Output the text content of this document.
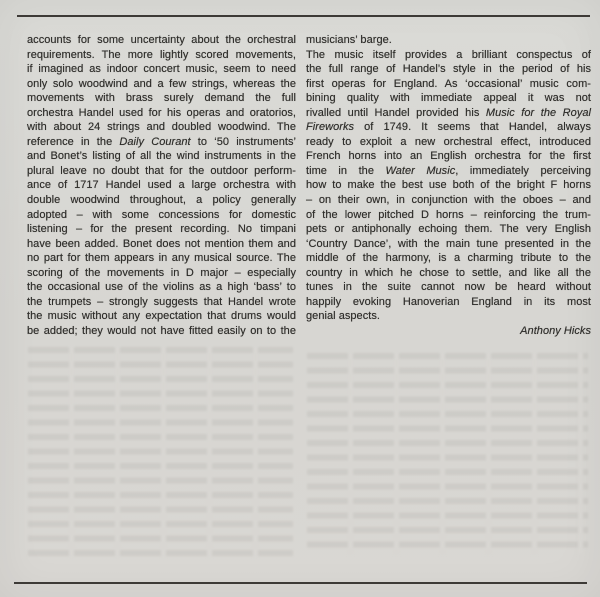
accounts for some uncertainty about the orchestral
requirements. The more lightly scored movements,
if imagined as indoor concert music, seem to need
only solo woodwind and a few strings, whereas the
movements with brass surely demand the full
orchestra Handel used for his operas and oratorios,
with about 24 strings and doubled woodwind. The
reference in the Daily Courant to ‘50 instruments’
and Bonet’s listing of all the wind instruments in the
plural leave no doubt that for the outdoor perform-
ance of 1717 Handel used a large orchestra with
double woodwind throughout, a policy generally
adopted – with some concessions for domestic
listening – for the present recording. No timpani
have been added. Bonet does not mention them and
no part for them appears in any musical source. The
scoring of the movements in D major – especially
the occasional use of the violins as a high ‘bass’ to
the trumpets – strongly suggests that Handel wrote
the music without any expectation that drums would
be added; they would not have fitted easily on to the
musicians’ barge.
The music itself provides a brilliant conspectus of
the full range of Handel’s style in the period of his
first operas for England. As ‘occasional’ music com-
bining quality with immediate appeal it was not
rivalled until Handel provided his Music for the Royal
Fireworks of 1749. It seems that Handel, always
ready to exploit a new orchestral effect, introduced
French horns into an English orchestra for the first
time in the Water Music, immediately perceiving
how to make the best use both of the bright F horns
– on their own, in conjunction with the oboes – and
of the lower pitched D horns – reinforcing the trum-
pets or antiphonally echoing them. The very English
‘Country Dance’, with the main tune presented in the
middle of the harmony, is a charming tribute to the
country in which he chose to settle, and like all the
tunes in the suite cannot now be heard without
happily evoking Hanoverian England in its most
genial aspects.
Anthony Hicks
